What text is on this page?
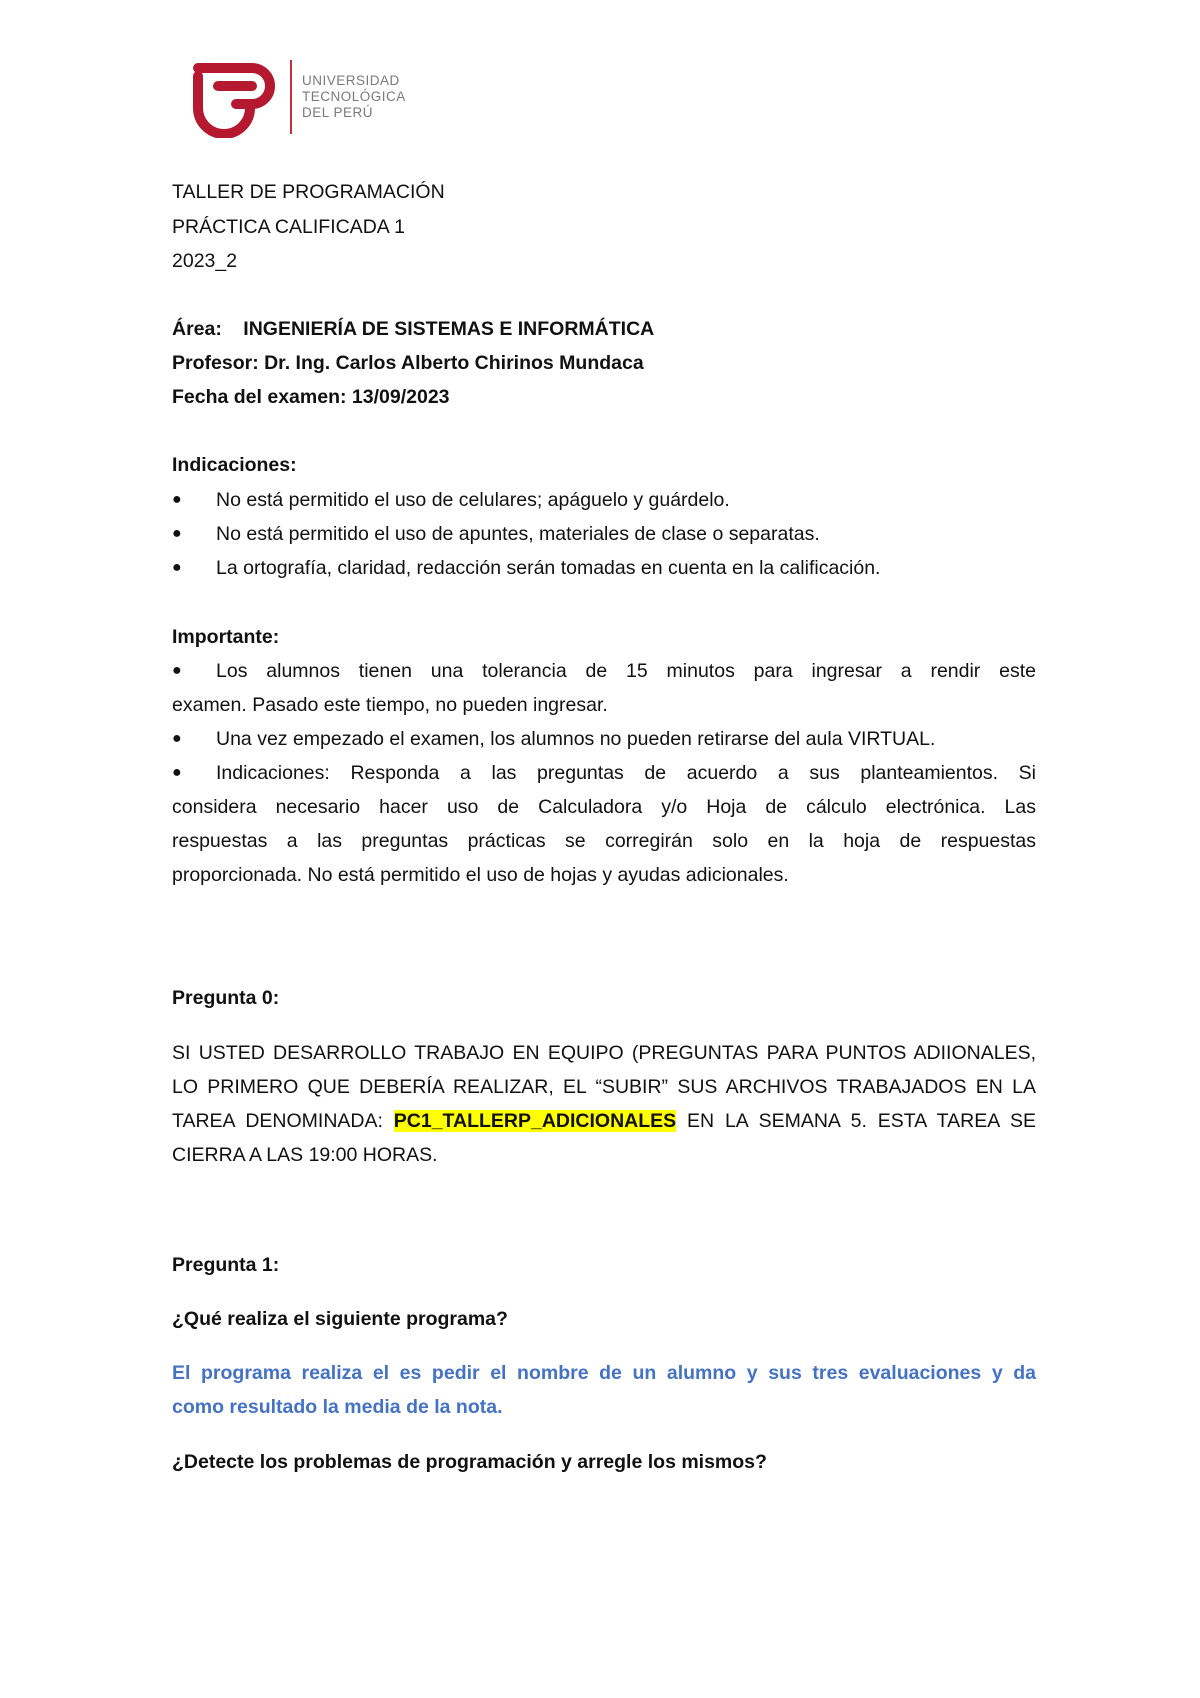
UNIVERSIDAD
TECNOLÓGICA
DEL PERÚ
TALLER DE PROGRAMACIÓN
PRÁCTICA CALIFICADA 1
2023_2
Área: INGENIERÍA DE SISTEMAS E INFORMÁTICA
Profesor: Dr. Ing. Carlos Alberto Chirinos Mundaca
Fecha del examen: 13/09/2023
Indicaciones:
● No está permitido el uso de celulares; apáguelo y guárdelo.
● No está permitido el uso de apuntes, materiales de clase o separatas.
● La ortografía, claridad, redacción serán tomadas en cuenta en la calificación.
Importante:
● Los alumnos tienen una tolerancia de 15 minutos para ingresar a rendir este
examen. Pasado este tiempo, no pueden ingresar.
● Una vez empezado el examen, los alumnos no pueden retirarse del aula VIRTUAL.
● Indicaciones: Responda a las preguntas de acuerdo a sus planteamientos. Si
considera necesario hacer uso de Calculadora y/o Hoja de cálculo electrónica. Las
respuestas a las preguntas prácticas se corregirán solo en la hoja de respuestas
proporcionada. No está permitido el uso de hojas y ayudas adicionales.
Pregunta 0:
SI USTED DESARROLLO TRABAJO EN EQUIPO (PREGUNTAS PARA PUNTOS ADIIONALES,
LO PRIMERO QUE DEBERÍA REALIZAR, EL “SUBIR” SUS ARCHIVOS TRABAJADOS EN LA
TAREA DENOMINADA: PC1_TALLERP_ADICIONALES EN LA SEMANA 5. ESTA TAREA SE
CIERRA A LAS 19:00 HORAS.
Pregunta 1:
¿Qué realiza el siguiente programa?
El programa realiza el es pedir el nombre de un alumno y sus tres evaluaciones y da
como resultado la media de la nota.
¿Detecte los problemas de programación y arregle los mismos?
